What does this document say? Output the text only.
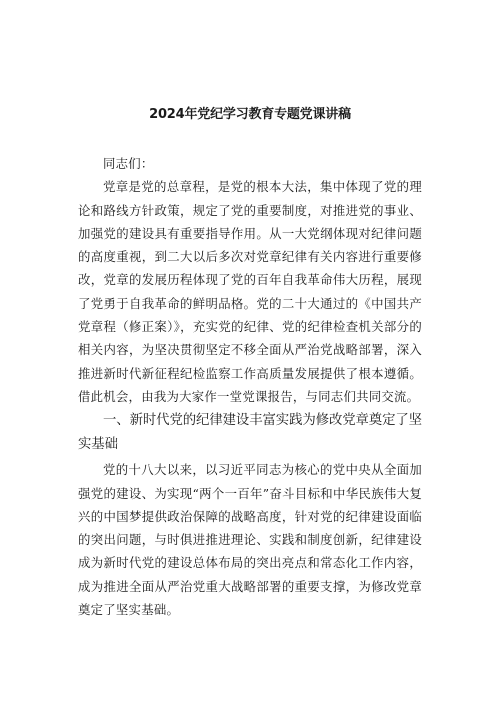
2024年党纪学习教育专题党课讲稿

同志们：

党章是党的总章程，是党的根本大法，集中体现了党的理论和路线方针政策，规定了党的重要制度，对推进党的事业、加强党的建设具有重要指导作用。从一大党纲体现对纪律问题的高度重视，到二大以后多次对党章纪律有关内容进行重要修改，党章的发展历程体现了党的百年自我革命伟大历程，展现了党勇于自我革命的鲜明品格。党的二十大通过的《中国共产党章程（修正案）》，充实党的纪律、党的纪律检查机关部分的相关内容，为坚决贯彻坚定不移全面从严治党战略部署，深入推进新时代新征程纪检监察工作高质量发展提供了根本遵循。借此机会，由我为大家作一堂党课报告，与同志们共同交流。

一、新时代党的纪律建设丰富实践为修改党章奠定了坚实基础

党的十八大以来，以习近平同志为核心的党中央从全面加强党的建设、为实现“两个一百年”奋斗目标和中华民族伟大复兴的中国梦提供政治保障的战略高度，针对党的纪律建设面临的突出问题，与时俱进推进理论、实践和制度创新，纪律建设成为新时代党的建设总体布局的突出亮点和常态化工作内容，成为推进全面从严治党重大战略部署的重要支撑，为修改党章奠定了坚实基础。
